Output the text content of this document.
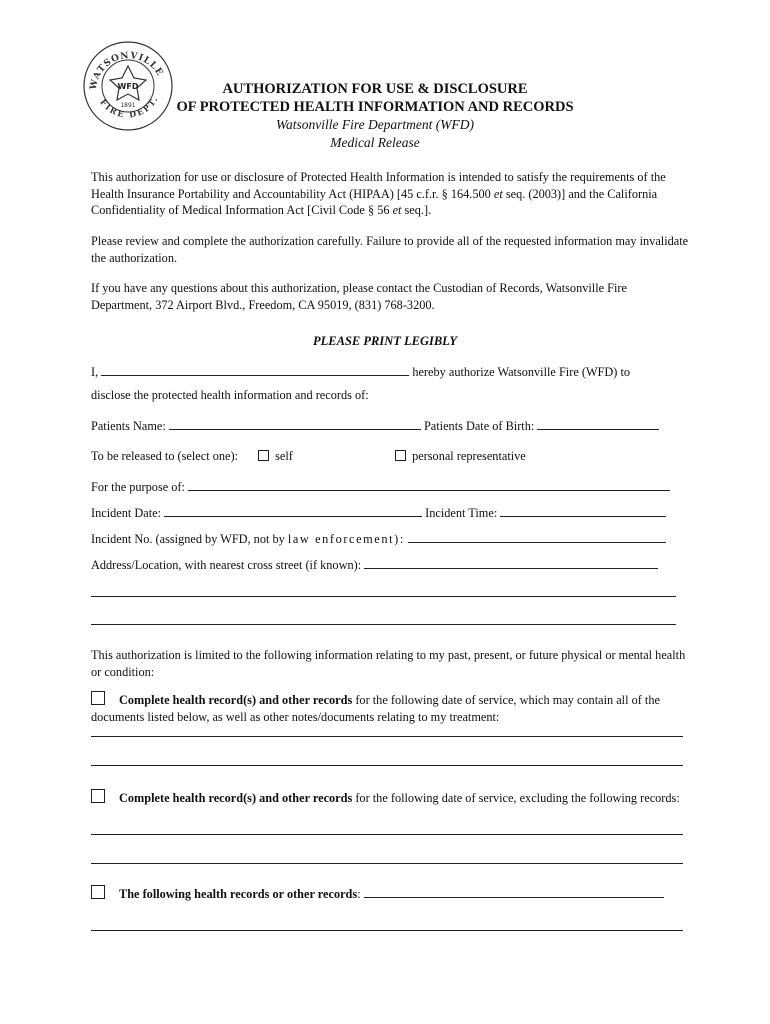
WATSONVILLE
FIRE DEPT.
WFD
1891
AUTHORIZATION FOR USE & DISCLOSURE
OF PROTECTED HEALTH INFORMATION AND RECORDS
Watsonville Fire Department (WFD)
Medical Release
This authorization for use or disclosure of Protected Health Information is intended to satisfy the requirements of the Health Insurance Portability and Accountability Act (HIPAA) [45 c.f.r. § 164.500 et seq. (2003)] and the California Confidentiality of Medical Information Act [Civil Code § 56 et seq.].
Please review and complete the authorization carefully. Failure to provide all of the requested information may invalidate the authorization.
If you have any questions about this authorization, please contact the Custodian of Records, Watsonville Fire Department, 372 Airport Blvd., Freedom, CA 95019, (831) 768-3200.
PLEASE PRINT LEGIBLY
I,	hereby authorize Watsonville Fire (WFD) to
disclose the protected health information and records of:
Patients Name:	Patients Date of Birth:
To be released to (select one):	self	personal representative
For the purpose of:
Incident Date:	Incident Time:
Incident No. (assigned by WFD, not by law enforcement):
Address/Location, with nearest cross street (if known):
This authorization is limited to the following information relating to my past, present, or future physical or mental health or condition:
Complete health record(s) and other records for the following date of service, which may contain all of the documents listed below, as well as other notes/documents relating to my treatment:
Complete health record(s) and other records for the following date of service, excluding the following records:
The following health records or other records:
